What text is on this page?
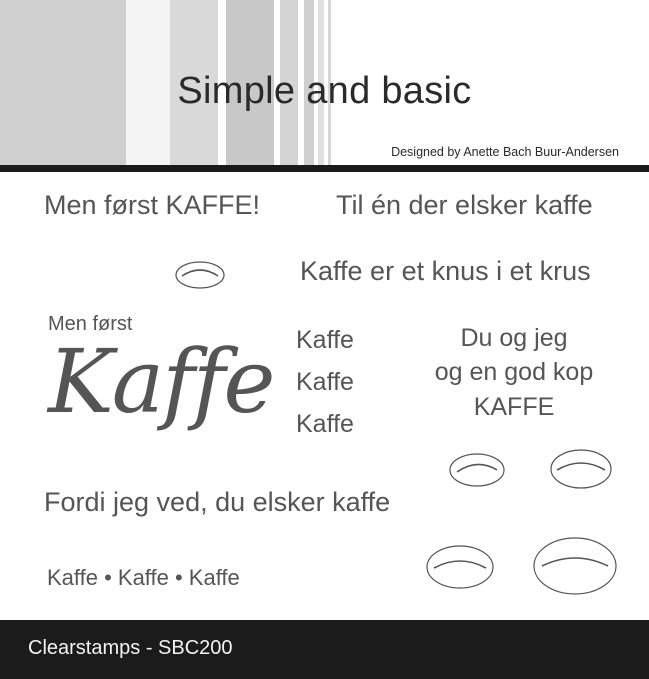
Simple and basic
Designed by Anette Bach Buur-Andersen
Men først KAFFE!	Til én der elsker kaffe
Kaffe er et knus i et krus
Men først
Kaffe Kaffe
Kaffe
Kaffe
Du og jeg
og en god kop
KAFFE
Fordi jeg ved, du elsker kaffe
Kaffe • Kaffe • Kaffe
Clearstamps - SBC200
